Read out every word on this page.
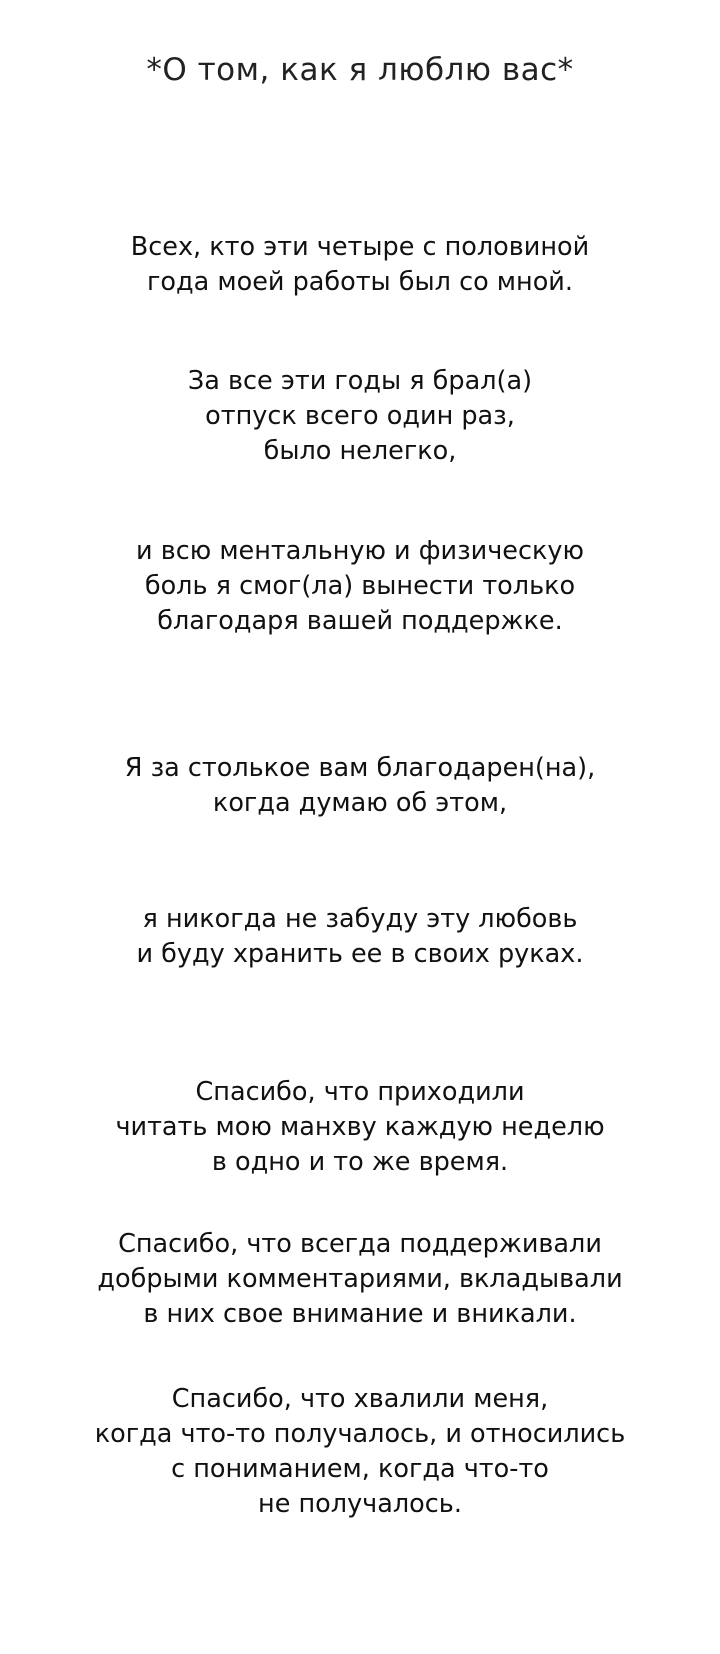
*О том, как я люблю вас*
Всех, кто эти четыре с половиной
года моей работы был со мной.
За все эти годы я брал(а)
отпуск всего один раз,
было нелегко,
и всю ментальную и физическую
боль я смог(ла) вынести только
благодаря вашей поддержке.
Я за столькое вам благодарен(на),
когда думаю об этом,
я никогда не забуду эту любовь
и буду хранить ее в своих руках.
Спасибо, что приходили
читать мою манхву каждую неделю
в одно и то же время.
Спасибо, что всегда поддерживали
добрыми комментариями, вкладывали
в них свое внимание и вникали.
Спасибо, что хвалили меня,
когда что-то получалось, и относились
с пониманием, когда что-то
не получалось.
